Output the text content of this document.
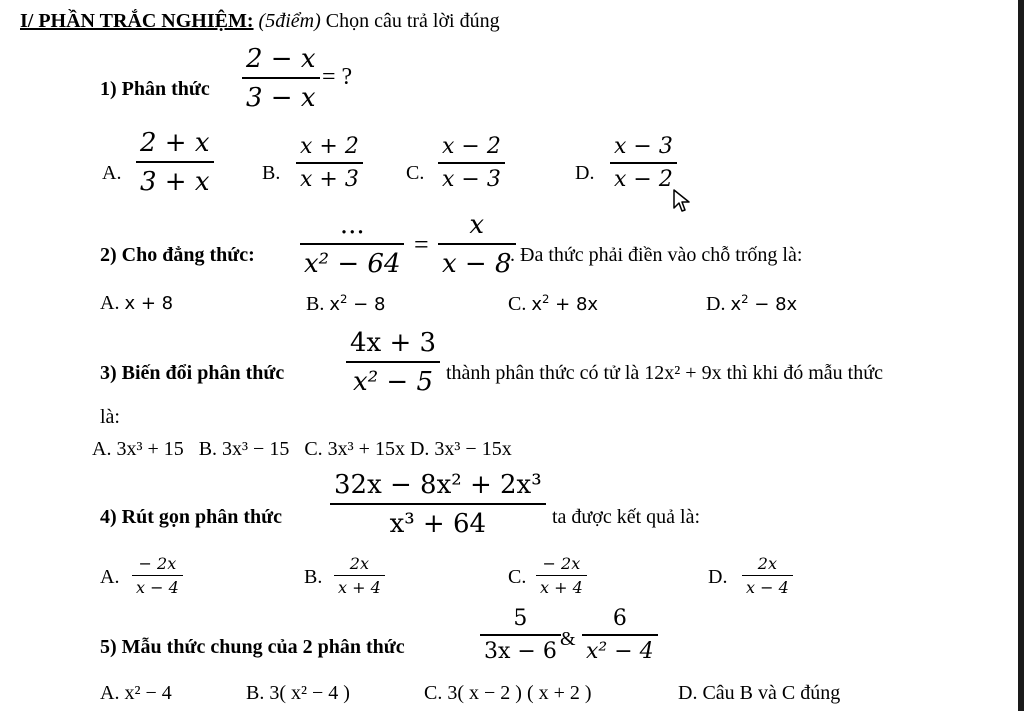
I/ PHẦN TRẮC NGHIỆM: (5điểm) Chọn câu trả lời đúng
1) Phân thức
2 − x
3 − x
= ?
A.
2 + x
3 + x	B.
x + 2
x + 3 C.
x − 2
x − 3	D.
x − 3
x − 2
2) Cho đẳng thức:
...
x² − 64
=
x
x − 8
. Đa thức phải điền vào chỗ trống là:
A. x + 8	B. $x^2 - 8$	C. $x^2 + 8x$	D. $x^2 - 8x$
3) Biến đổi phân thức
4x + 3
x² − 5 thành phân thức có tử là 12x² + 9x thì khi đó mẫu thức
là:
A. 3x³ + 15 B. 3x³ − 15 C. 3x³ + 15x D. 3x³ − 15x
4) Rút gọn phân thức
32x − 8x² + 2x³
x³ + 64	ta được kết quả là:
A.
− 2x
x − 4	B.
2x
x + 4	C.
− 2x
x + 4	D.
2x
x − 4
5) Mẫu thức chung của 2 phân thức
5
3x − 6 &
6
x² − 4
A. x² − 4	B. 3( x² − 4 )	C. 3( x − 2 ) ( x + 2 )	D. Câu B và C đúng
